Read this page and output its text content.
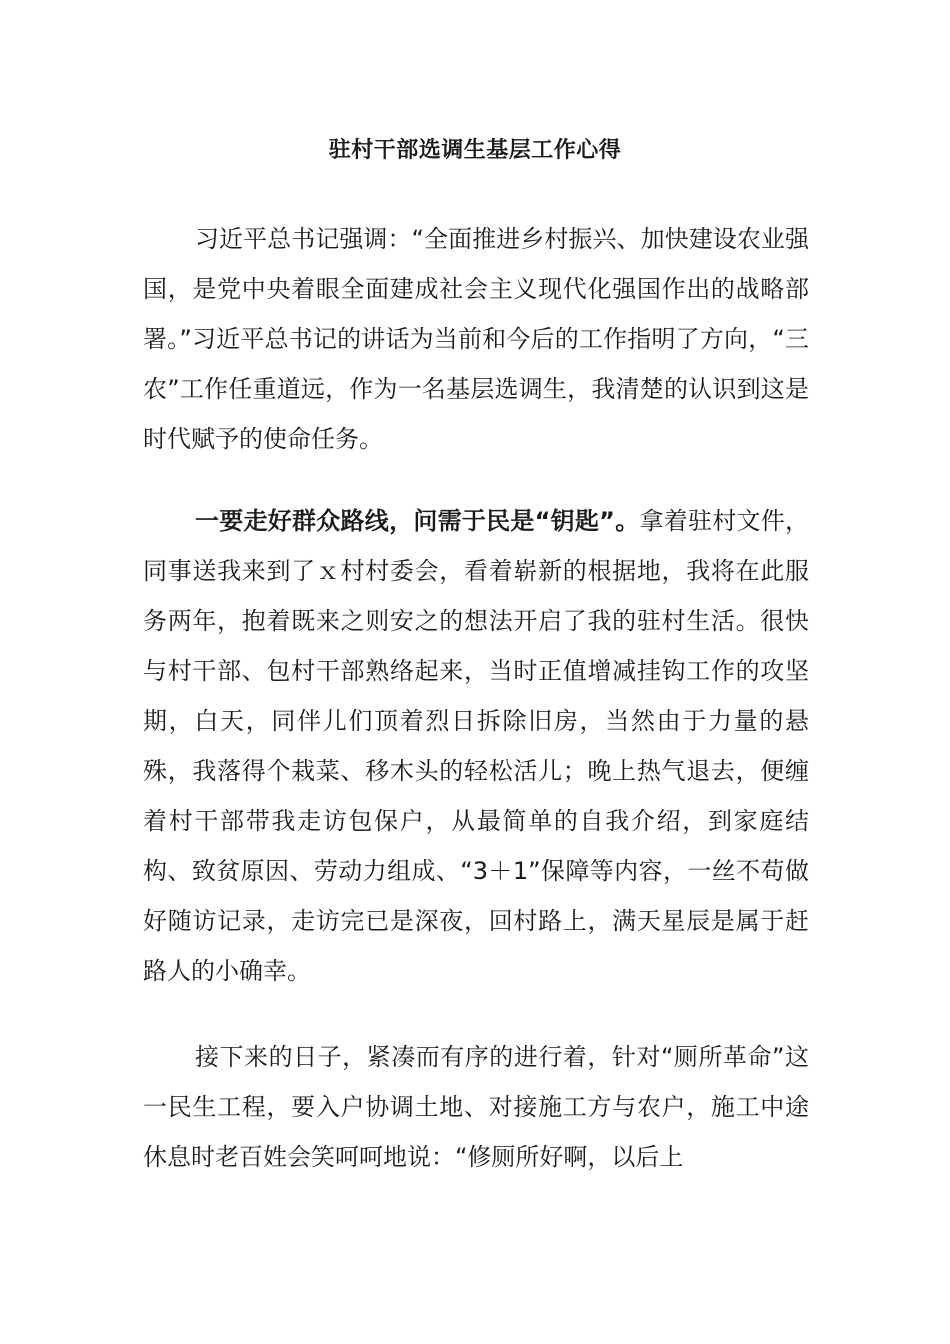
驻村干部选调生基层工作心得

习近平总书记强调：“全面推进乡村振兴、加快建设农业强国，是党中央着眼全面建成社会主义现代化强国作出的战略部署。”习近平总书记的讲话为当前和今后的工作指明了方向，“三农”工作任重道远，作为一名基层选调生，我清楚的认识到这是时代赋予的使命任务。

一要走好群众路线，问需于民是“钥匙”。拿着驻村文件，同事送我来到了ｘ村村委会，看着崭新的根据地，我将在此服务两年，抱着既来之则安之的想法开启了我的驻村生活。很快与村干部、包村干部熟络起来，当时正值增减挂钩工作的攻坚期，白天，同伴儿们顶着烈日拆除旧房，当然由于力量的悬殊，我落得个栽菜、移木头的轻松活儿；晚上热气退去，便缠着村干部带我走访包保户，从最简单的自我介绍，到家庭结构、致贫原因、劳动力组成、“3＋1”保障等内容，一丝不苟做好随访记录，走访完已是深夜，回村路上，满天星辰是属于赶路人的小确幸。

接下来的日子，紧凑而有序的进行着，针对“厕所革命”这一民生工程，要入户协调土地、对接施工方与农户，施工中途休息时老百姓会笑呵呵地说：“修厕所好啊，以后上
